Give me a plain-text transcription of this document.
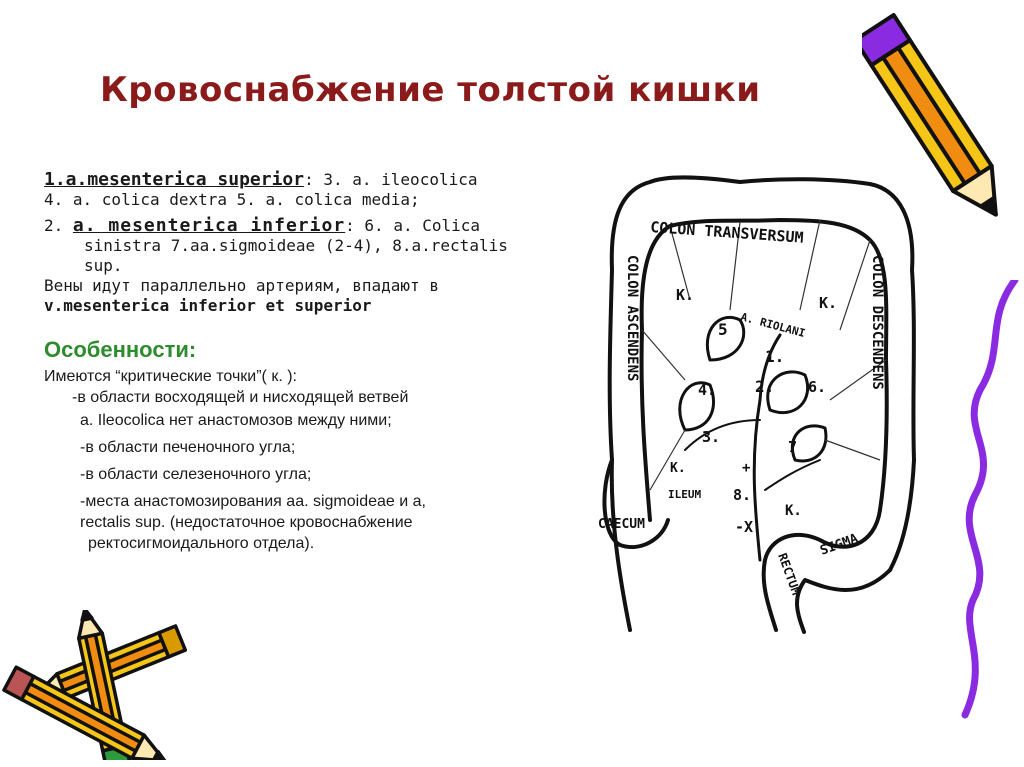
Кровоснабжение толстой кишки
1.a.mesenterica superior: 3. a. ileocolica
4. a. colica dextra 5. a. colica media;
2. a. mesenterica inferior: 6. a. Colica
sinistra 7.aa.sigmoideae (2-4), 8.a.rectalis
sup.
Вены идут параллельно артериям, впадают в
v.mesenterica inferior et superior
Особенности:
Имеются “критические точки”( к. ):
-в области восходящей и нисходящей ветвей
а. Ileocolica нет анастомозов между ними;
-в области печеночного угла;
-в области селезеночного угла;
-места анастомозирования аа. sigmoideae и а,
rectalis sup. (недостаточное кровоснабжение
ректосигмоидального отдела).
COLON TRANSVERSUM
COLON ASCENDENS	COLON DESCENDENS
CAECUM
ILEUM
SIGMA
RECTUM
A. RIOLANI
К.	К.
К.
К.
1.
2.
3.
4.
5
6.
7
8.
+
-X
